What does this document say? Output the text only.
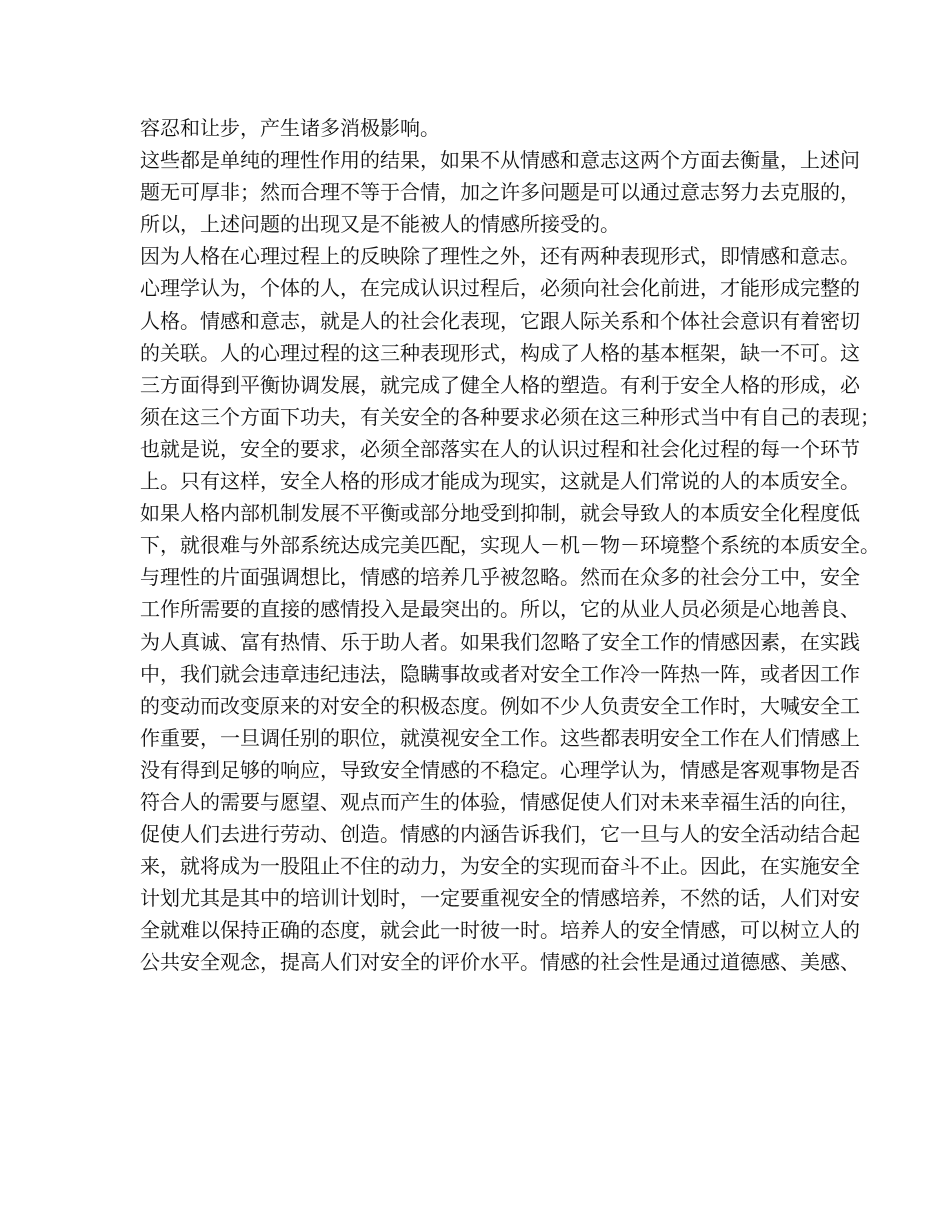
容忍和让步，产生诸多消极影响。
这些都是单纯的理性作用的结果，如果不从情感和意志这两个方面去衡量，上述问
题无可厚非；然而合理不等于合情，加之许多问题是可以通过意志努力去克服的，
所以，上述问题的出现又是不能被人的情感所接受的。
因为人格在心理过程上的反映除了理性之外，还有两种表现形式，即情感和意志。
心理学认为，个体的人，在完成认识过程后，必须向社会化前进，才能形成完整的
人格。情感和意志，就是人的社会化表现，它跟人际关系和个体社会意识有着密切
的关联。人的心理过程的这三种表现形式，构成了人格的基本框架，缺一不可。这
三方面得到平衡协调发展，就完成了健全人格的塑造。有利于安全人格的形成，必
须在这三个方面下功夫，有关安全的各种要求必须在这三种形式当中有自己的表现；
也就是说，安全的要求，必须全部落实在人的认识过程和社会化过程的每一个环节
上。只有这样，安全人格的形成才能成为现实，这就是人们常说的人的本质安全。
如果人格内部机制发展不平衡或部分地受到抑制，就会导致人的本质安全化程度低
下，就很难与外部系统达成完美匹配，实现人－机－物－环境整个系统的本质安全。
与理性的片面强调想比，情感的培养几乎被忽略。然而在众多的社会分工中，安全
工作所需要的直接的感情投入是最突出的。所以，它的从业人员必须是心地善良、
为人真诚、富有热情、乐于助人者。如果我们忽略了安全工作的情感因素，在实践
中，我们就会违章违纪违法，隐瞒事故或者对安全工作冷一阵热一阵，或者因工作
的变动而改变原来的对安全的积极态度。例如不少人负责安全工作时，大喊安全工
作重要，一旦调任别的职位，就漠视安全工作。这些都表明安全工作在人们情感上
没有得到足够的响应，导致安全情感的不稳定。心理学认为，情感是客观事物是否
符合人的需要与愿望、观点而产生的体验，情感促使人们对未来幸福生活的向往，
促使人们去进行劳动、创造。情感的内涵告诉我们，它一旦与人的安全活动结合起
来，就将成为一股阻止不住的动力，为安全的实现而奋斗不止。因此，在实施安全
计划尤其是其中的培训计划时，一定要重视安全的情感培养，不然的话，人们对安
全就难以保持正确的态度，就会此一时彼一时。培养人的安全情感，可以树立人的
公共安全观念，提高人们对安全的评价水平。情感的社会性是通过道德感、美感、
